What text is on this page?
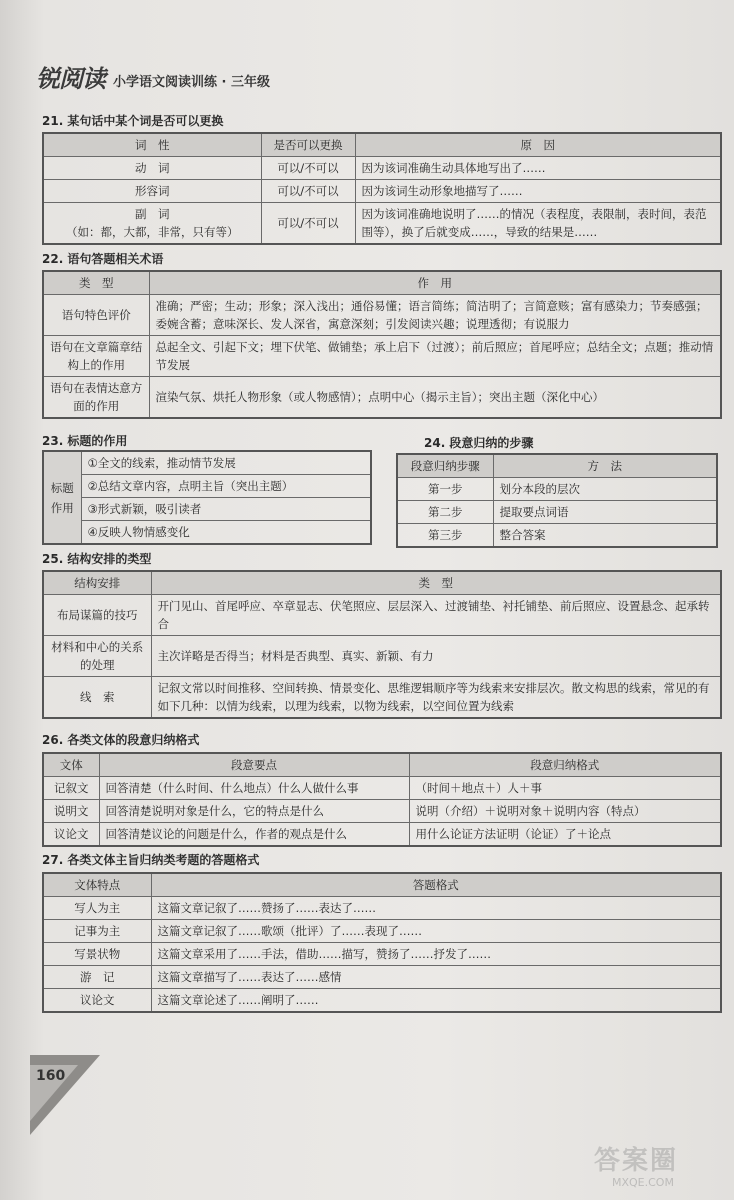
锐阅读 小学语文阅读训练 · 三年级
21. 某句话中某个词是否可以更换
词　性	是否可以更换	原　因
动　词	可以/不可以	因为该词准确生动具体地写出了……
形容词	可以/不可以	因为该词生动形象地描写了……

副　词
（如：都，大都，非常，只有等）	可以/不可以	因为该词准确地说明了……的情况（表程度，表限制，表时间，表范围等），换了后就变成……，导致的结果是……
22. 语句答题相关术语
类　型	作　用
语句特色评价	准确；严密；生动；形象；深入浅出；通俗易懂；语言简练；简洁明了；言简意赅；富有感染力；节奏感强；委婉含蓄；意味深长、发人深省，寓意深刻；引发阅读兴趣；说理透彻；有说服力
语句在文章篇章结构上的作用	总起全文、引起下文；埋下伏笔、做铺垫；承上启下（过渡）；前后照应；首尾呼应；总结全文；点题；推动情节发展
语句在表情达意方面的作用	渲染气氛、烘托人物形象（或人物感情）；点明中心（揭示主旨）；突出主题（深化中心）
23. 标题的作用
标题作用	①全文的线索，推动情节发展
②总结文章内容，点明主旨（突出主题）
③形式新颖，吸引读者
④反映人物情感变化
24. 段意归纳的步骤
段意归纳步骤	方　法
第一步	划分本段的层次
第二步	提取要点词语
第三步	整合答案
25. 结构安排的类型
结构安排	类　型
布局谋篇的技巧	开门见山、首尾呼应、卒章显志、伏笔照应、层层深入、过渡铺垫、衬托铺垫、前后照应、设置悬念、起承转合
材料和中心的关系的处理	主次详略是否得当；材料是否典型、真实、新颖、有力
线　索	记叙文常以时间推移、空间转换、情景变化、思维逻辑顺序等为线索来安排层次。散文构思的线索，常见的有如下几种：以情为线索，以理为线索，以物为线索，以空间位置为线索
26. 各类文体的段意归纳格式
文体	段意要点	段意归纳格式
记叙文	回答清楚（什么时间、什么地点）什么人做什么事	（时间＋地点＋）人＋事
说明文	回答清楚说明对象是什么，它的特点是什么	说明（介绍）＋说明对象＋说明内容（特点）
议论文	回答清楚议论的问题是什么，作者的观点是什么	用什么论证方法证明（论证）了＋论点
27. 各类文体主旨归纳类考题的答题格式
文体特点	答题格式
写人为主	这篇文章记叙了……赞扬了……表达了……
记事为主	这篇文章记叙了……歌颂（批评）了……表现了……
写景状物	这篇文章采用了……手法，借助……描写，赞扬了……抒发了……
游　记	这篇文章描写了……表达了……感情
议论文	这篇文章论述了……阐明了……
160
答案圈
MXQE.COM
